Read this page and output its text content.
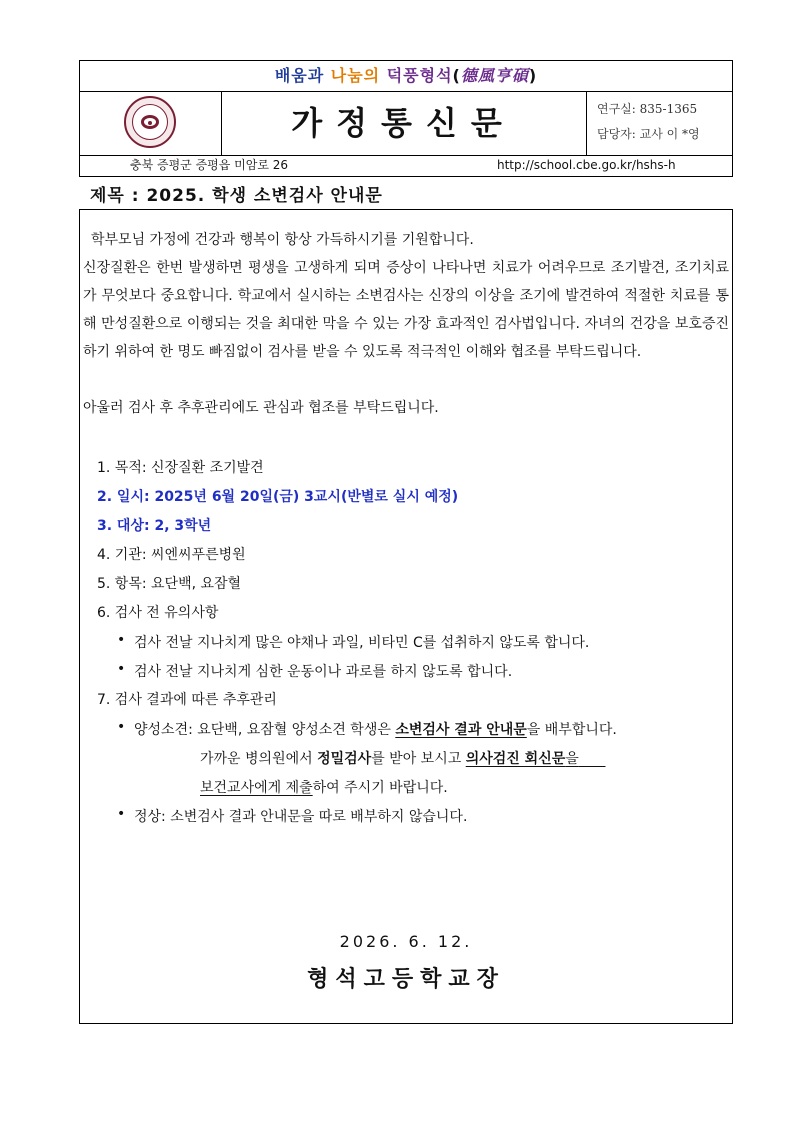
배움과 나눔의 덕풍형석(德風亨碩)
가정통신문	연구실: 835-1365
담당자: 교사 이 *영
충북 증평군 증평읍 미암로 26	http://school.cbe.go.kr/hshs-h
제목 : 2025. 학생 소변검사 안내문
학부모님 가정에 건강과 행복이 항상 가득하시기를 기원합니다.
신장질환은 한번 발생하면 평생을 고생하게 되며 증상이 나타나면 치료가 어려우므로 조기발견, 조기치료가 무엇보다 중요합니다. 학교에서 실시하는 소변검사는 신장의 이상을 조기에 발견하여 적절한 치료를 통해 만성질환으로 이행되는 것을 최대한 막을 수 있는 가장 효과적인 검사법입니다. 자녀의 건강을 보호증진하기 위하여 한 명도 빠짐없이 검사를 받을 수 있도록 적극적인 이해와 협조를 부탁드립니다.
아울러 검사 후 추후관리에도 관심과 협조를 부탁드립니다.
1. 목적: 신장질환 조기발견
2. 일시: 2025년 6월 20일(금) 3교시(반별로 실시 예정)
3. 대상: 2, 3학년
4. 기관: 씨엔씨푸른병원
5. 항목: 요단백, 요잠혈
6. 검사 전 유의사항
• 검사 전날 지나치게 많은 야채나 과일, 비타민 C를 섭취하지 않도록 합니다.
• 검사 전날 지나치게 심한 운동이나 과로를 하지 않도록 합니다.
7. 검사 결과에 따른 추후관리
• 양성소견: 요단백, 요잠혈 양성소견 학생은 소변검사 결과 안내문을 배부합니다.
가까운 병의원에서 정밀검사를 받아 보시고 의사검진 회신문을
보건교사에게 제출하여 주시기 바랍니다.
• 정상: 소변검사 결과 안내문을 따로 배부하지 않습니다.
2026. 6. 12.
형석고등학교장
